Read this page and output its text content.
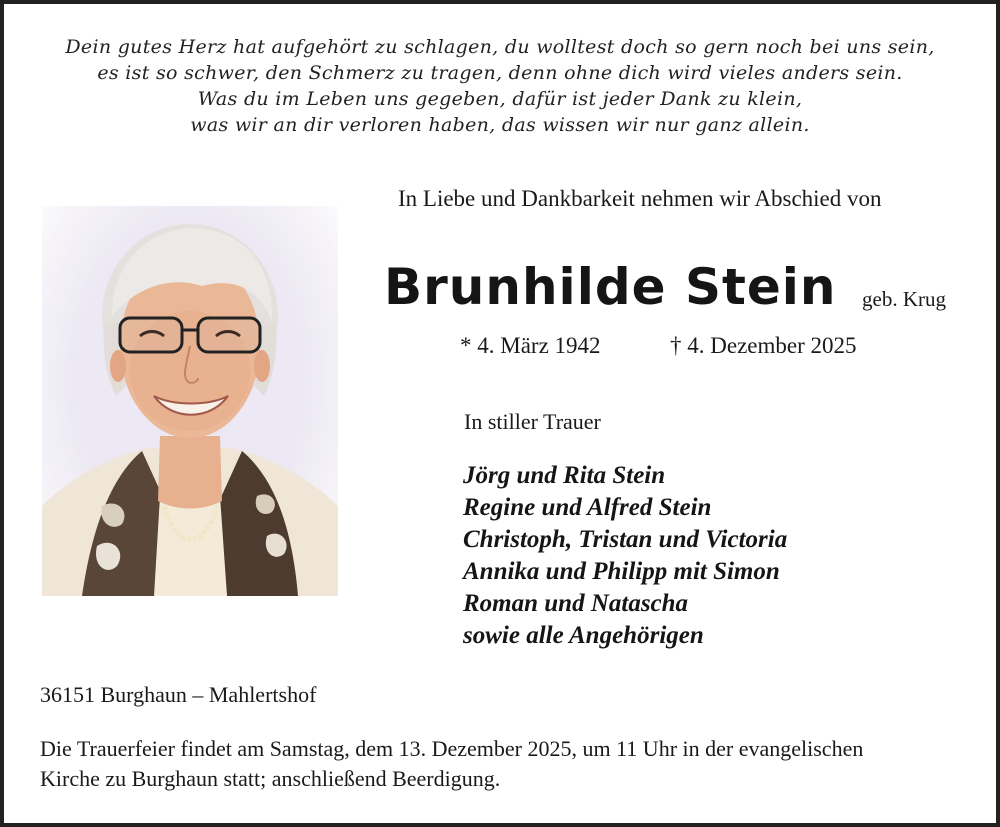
Dein gutes Herz hat aufgehört zu schlagen, du wolltest doch so gern noch bei uns sein,
es ist so schwer, den Schmerz zu tragen, denn ohne dich wird vieles anders sein.
Was du im Leben uns gegeben, dafür ist jeder Dank zu klein,
was wir an dir verloren haben, das wissen wir nur ganz allein.
In Liebe und Dankbarkeit nehmen wir Abschied von
Brunhilde Stein geb. Krug
* 4. März 1942	† 4. Dezember 2025
In stiller Trauer
Jörg und Rita Stein
Regine und Alfred Stein
Christoph, Tristan und Victoria
Annika und Philipp mit Simon
Roman und Natascha
sowie alle Angehörigen
36151 Burghaun – Mahlertshof
Die Trauerfeier findet am Samstag, dem 13. Dezember 2025, um 11 Uhr in der evangelischen
Kirche zu Burghaun statt; anschließend Beerdigung.
